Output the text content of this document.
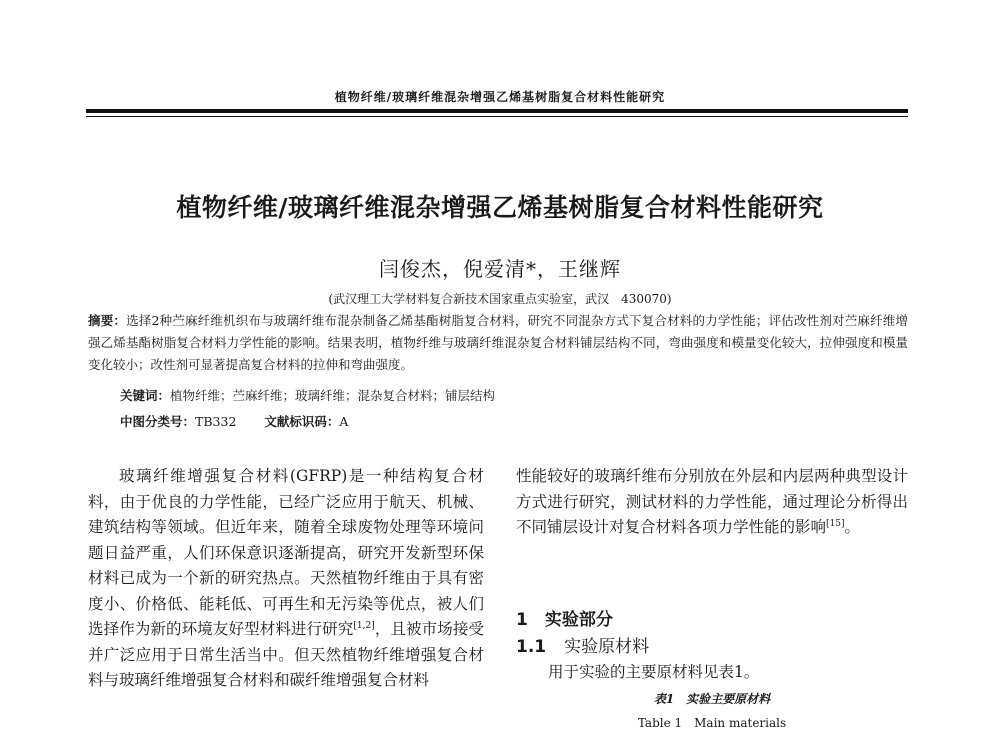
植物纤维/玻璃纤维混杂增强乙烯基树脂复合材料性能研究
植物纤维/玻璃纤维混杂增强乙烯基树脂复合材料性能研究
闫俊杰，倪爱清*，王继辉
(武汉理工大学材料复合新技术国家重点实验室，武汉　430070)
摘要：选择2种苎麻纤维机织布与玻璃纤维布混杂制备乙烯基酯树脂复合材料，研究不同混杂方式下复合材料的力学性能；评估改性剂对苎麻纤维增强乙烯基酯树脂复合材料力学性能的影响。结果表明，植物纤维与玻璃纤维混杂复合材料铺层结构不同，弯曲强度和模量变化较大，拉伸强度和模量变化较小；改性剂可显著提高复合材料的拉伸和弯曲强度。
关键词：植物纤维；苎麻纤维；玻璃纤维；混杂复合材料；铺层结构
中图分类号：TB332 文献标识码：A
玻璃纤维增强复合材料(GFRP)是一种结构复合材料，由于优良的力学性能，已经广泛应用于航天、机械、建筑结构等领域。但近年来，随着全球废物处理等环境问题日益严重，人们环保意识逐渐提高，研究开发新型环保材料已成为一个新的研究热点。天然植物纤维由于具有密度小、价格低、能耗低、可再生和无污染等优点，被人们选择作为新的环境友好型材料进行研究[1,2]，且被市场接受并广泛应用于日常生活当中。但天然植物纤维增强复合材料与玻璃纤维增强复合材料和碳纤维增强复合材料
性能较好的玻璃纤维布分别放在外层和内层两种典型设计方式进行研究，测试材料的力学性能，通过理论分析得出不同铺层设计对复合材料各项力学性能的影响[15]。
1　实验部分
1.1 实验原材料
用于实验的主要原材料见表1。
表1　实验主要原材料
Table 1　Main materials
